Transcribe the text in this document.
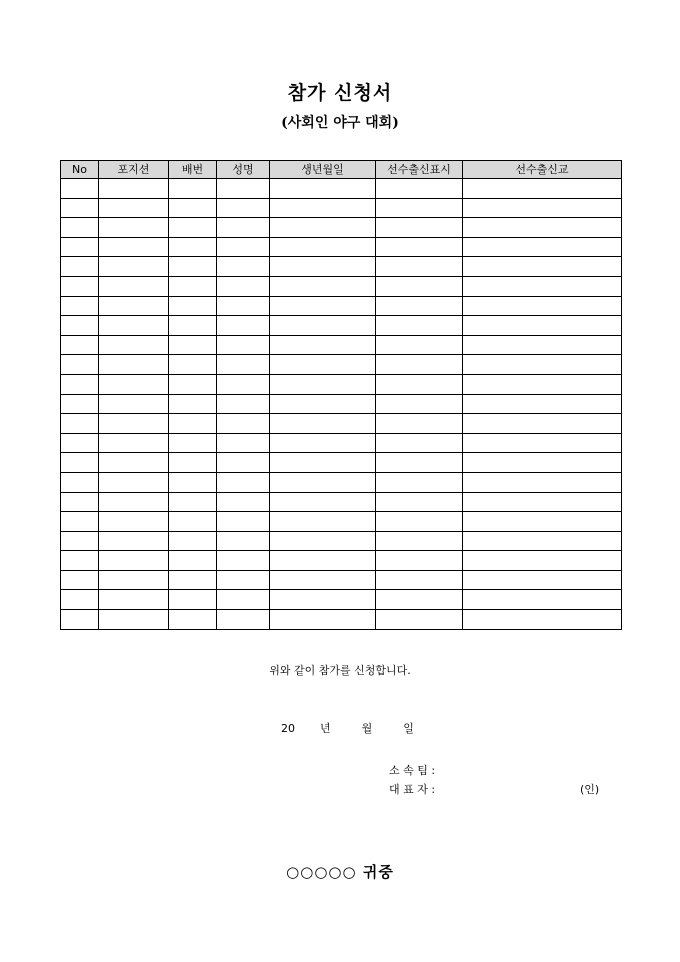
참가 신청서
(사회인 야구 대회)
No	포지션	배번	성명	생년월일	선수출신표시	선수출신교

위와 같이 참가를 신청합니다.
20 년	월	일
소 속 팀 :
대 표 자 :	(인)
○○○○○ 귀중
